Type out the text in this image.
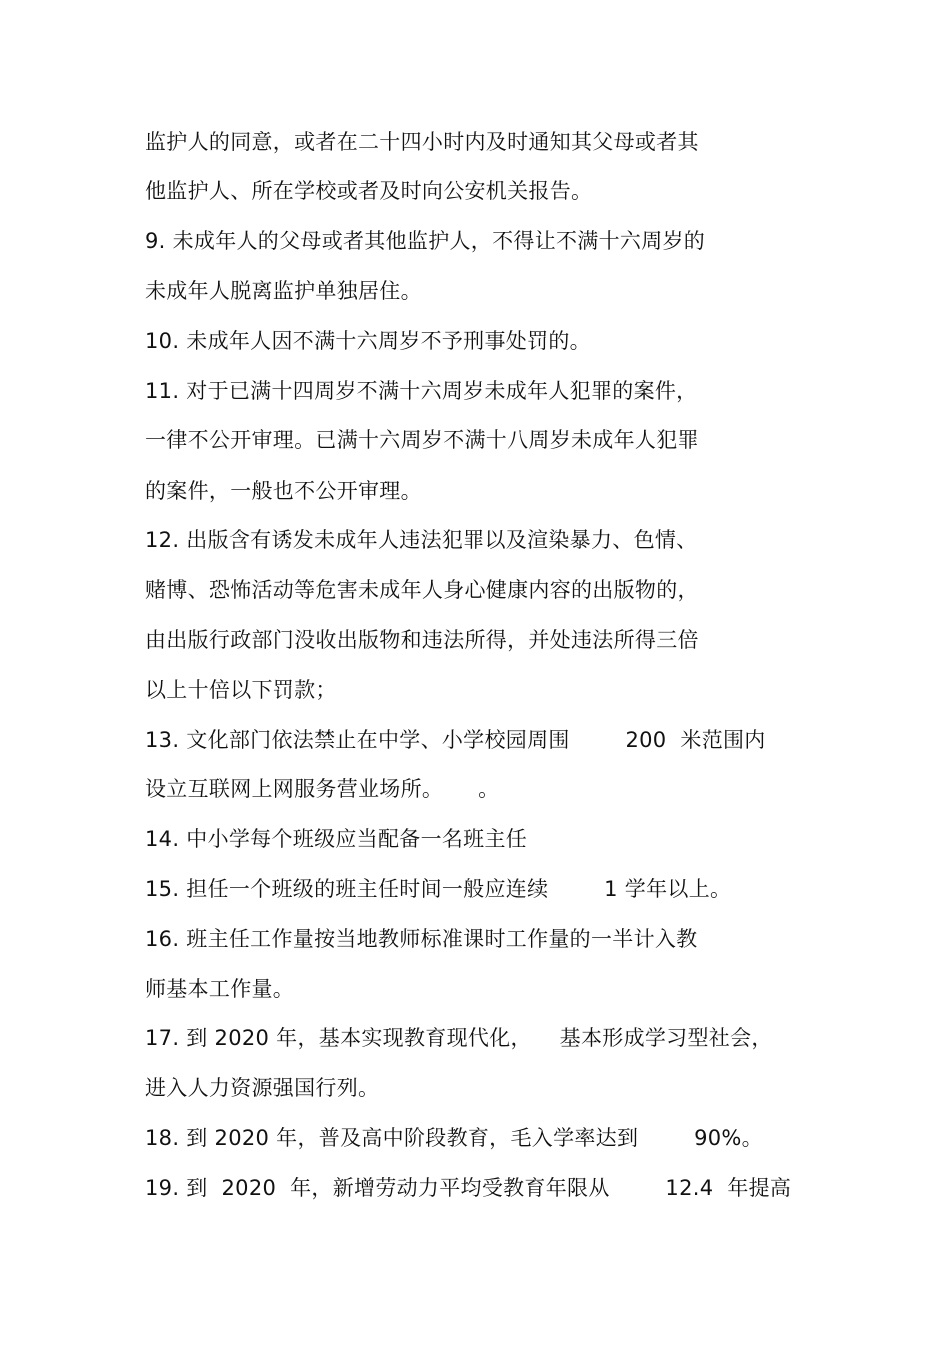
监护人的同意，或者在二十四小时内及时通知其父母或者其
他监护人、所在学校或者及时向公安机关报告。
9. 未成年人的父母或者其他监护人，不得让不满十六周岁的
未成年人脱离监护单独居住。
10. 未成年人因不满十六周岁不予刑事处罚的。
11. 对于已满十四周岁不满十六周岁未成年人犯罪的案件，
一律不公开审理。已满十六周岁不满十八周岁未成年人犯罪
的案件，一般也不公开审理。
12. 出版含有诱发未成年人违法犯罪以及渲染暴力、色情、
赌博、恐怖活动等危害未成年人身心健康内容的出版物的，
由出版行政部门没收出版物和违法所得，并处违法所得三倍
以上十倍以下罚款；
13. 文化部门依法禁止在中学、小学校园周围        200  米范围内
设立互联网上网服务营业场所。     。
14. 中小学每个班级应当配备一名班主任
15. 担任一个班级的班主任时间一般应连续        1 学年以上。
16. 班主任工作量按当地教师标准课时工作量的一半计入教
师基本工作量。
17. 到 2020 年，基本实现教育现代化，    基本形成学习型社会，
进入人力资源强国行列。
18. 到 2020 年，普及高中阶段教育，毛入学率达到        90%。
19. 到  2020  年，新增劳动力平均受教育年限从        12.4  年提高
